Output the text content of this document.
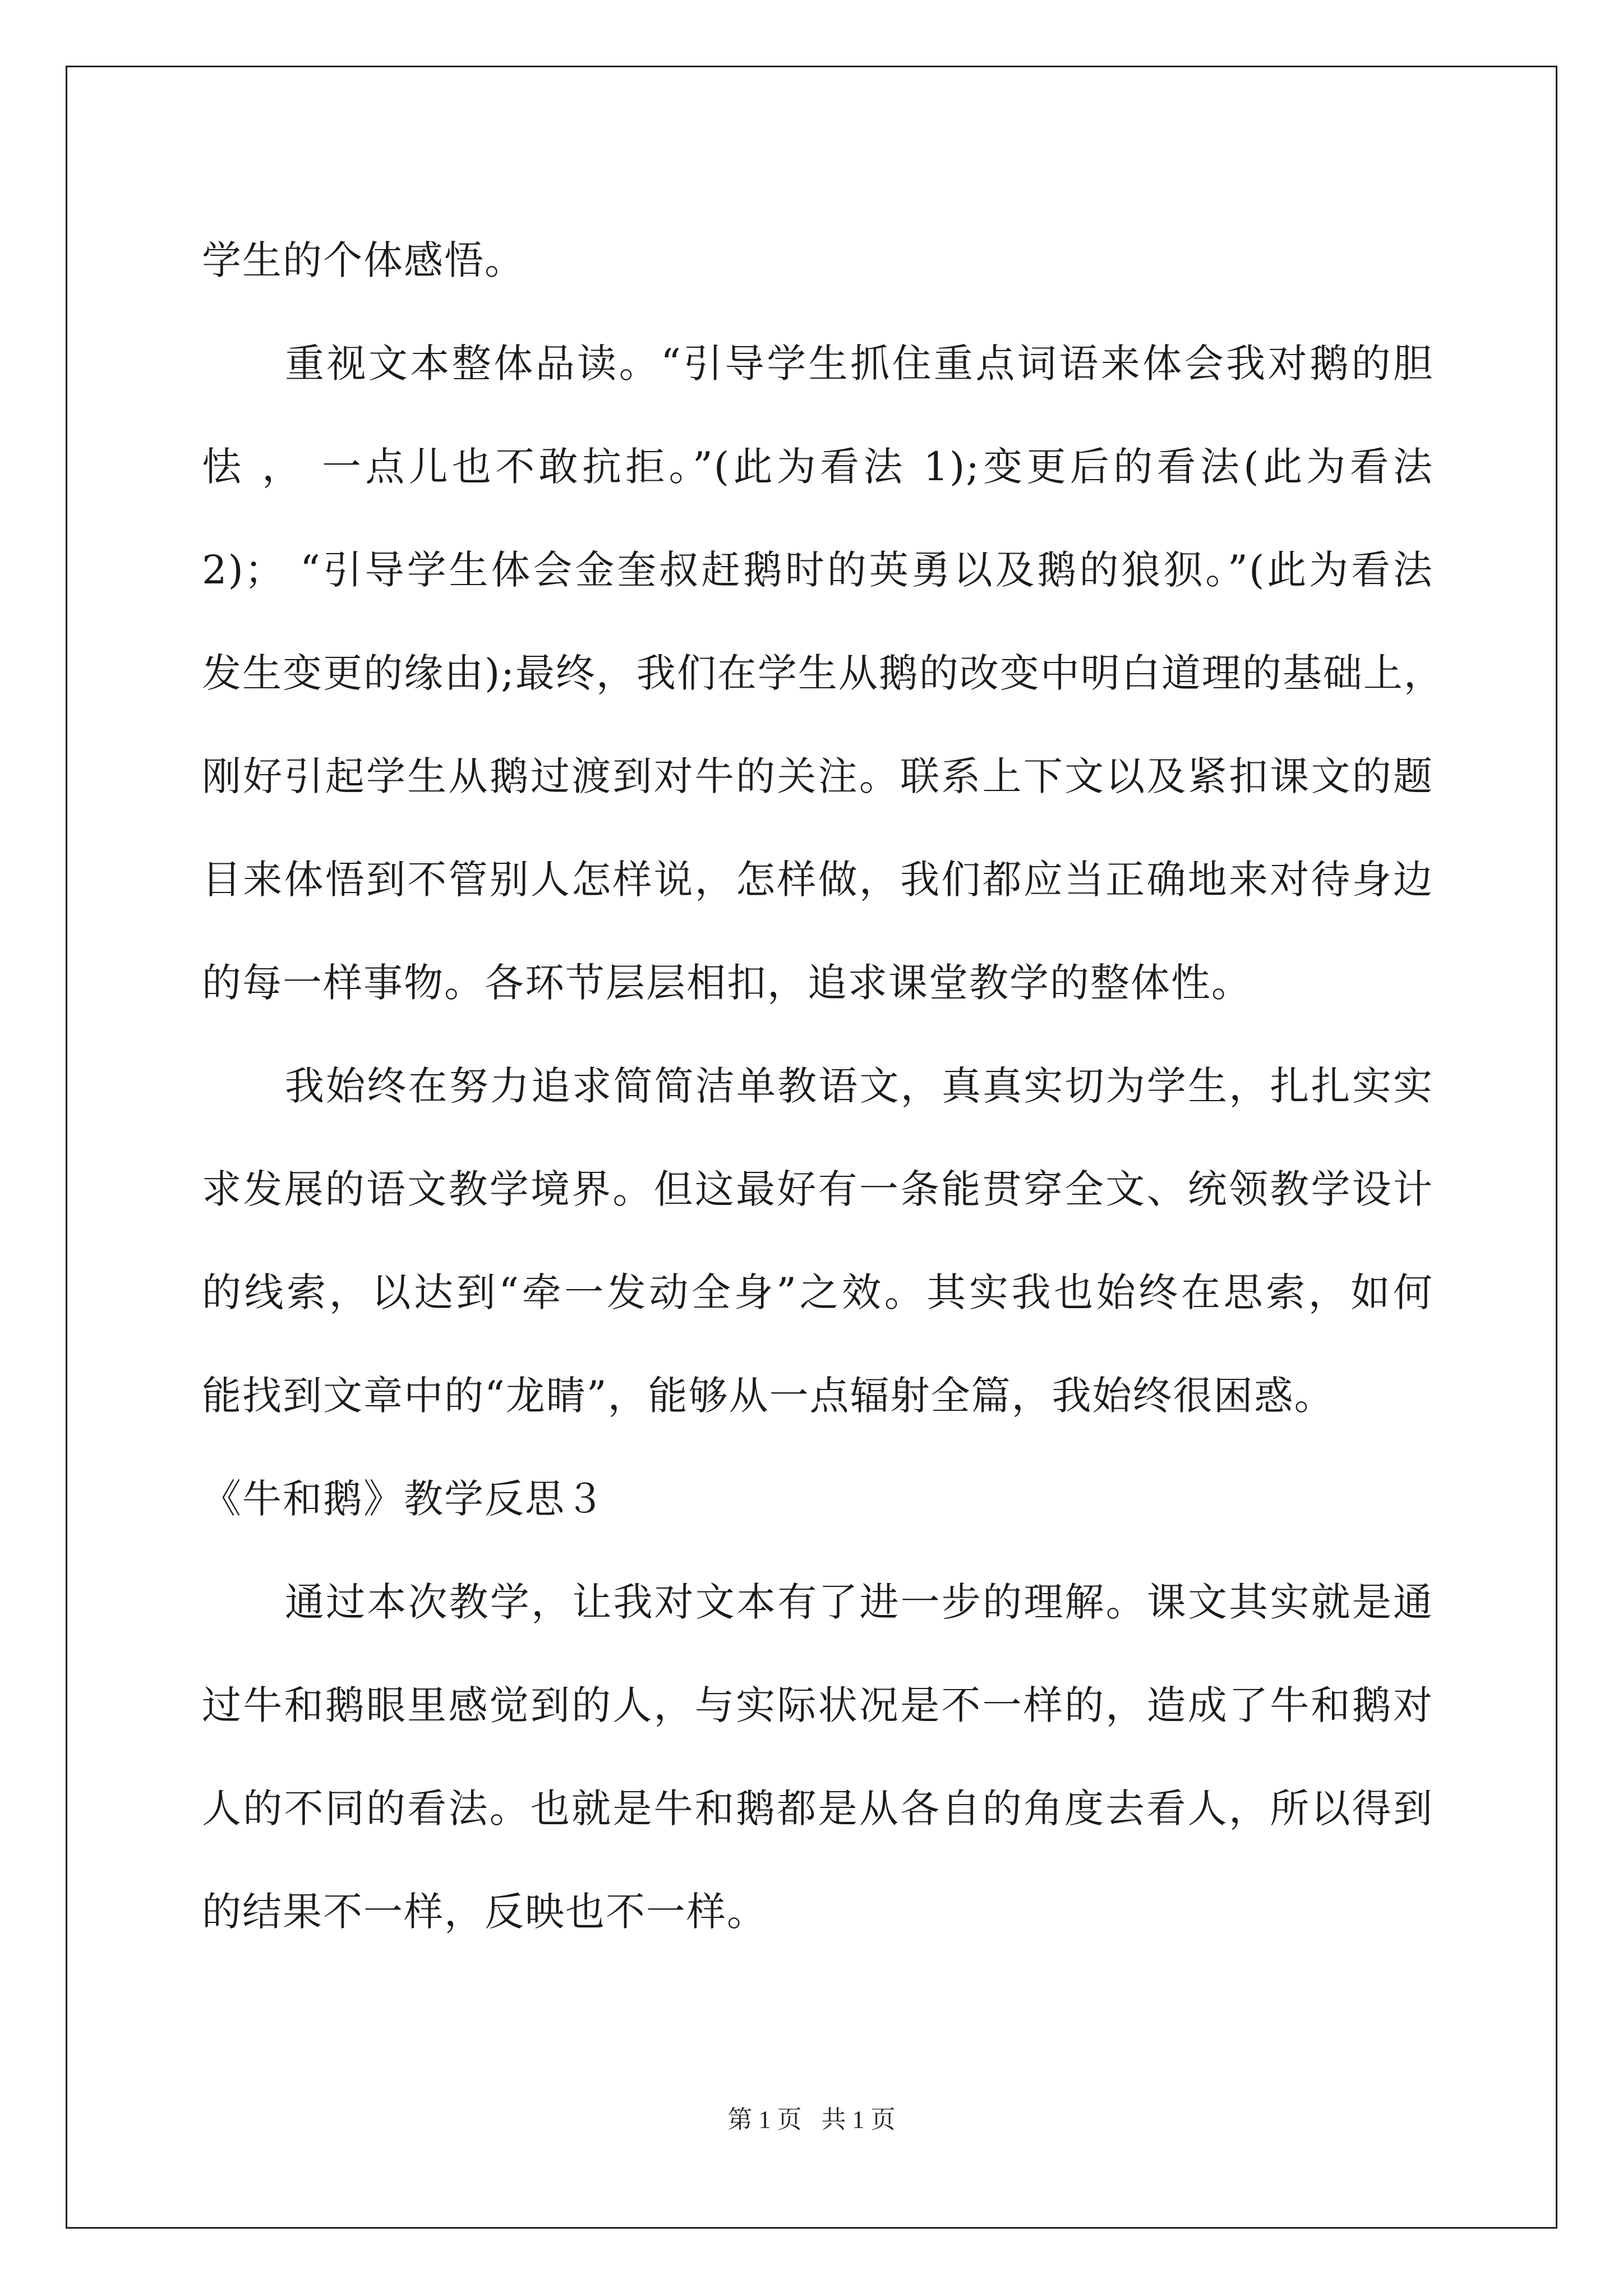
学生的个体感悟。
重视文本整体品读。“引导学生抓住重点词语来体会我对鹅的胆
怯 ， 一点儿也不敢抗拒。”(此为看法 1);变更后的看法(此为看法
2)； “引导学生体会金奎叔赶鹅时的英勇以及鹅的狼狈。”(此为看法
发生变更的缘由);最终，我们在学生从鹅的改变中明白道理的基础上，
刚好引起学生从鹅过渡到对牛的关注。联系上下文以及紧扣课文的题
目来体悟到不管别人怎样说，怎样做，我们都应当正确地来对待身边
的每一样事物。各环节层层相扣，追求课堂教学的整体性。
我始终在努力追求简简洁单教语文，真真实切为学生，扎扎实实
求发展的语文教学境界。但这最好有一条能贯穿全文、统领教学设计
的线索，以达到“牵一发动全身”之效。其实我也始终在思索，如何
能找到文章中的“龙睛”，能够从一点辐射全篇，我始终很困惑。
《牛和鹅》教学反思３
通过本次教学，让我对文本有了进一步的理解。课文其实就是通
过牛和鹅眼里感觉到的人，与实际状况是不一样的，造成了牛和鹅对
人的不同的看法。也就是牛和鹅都是从各自的角度去看人，所以得到
的结果不一样，反映也不一样。
第 1 页 共 1 页
